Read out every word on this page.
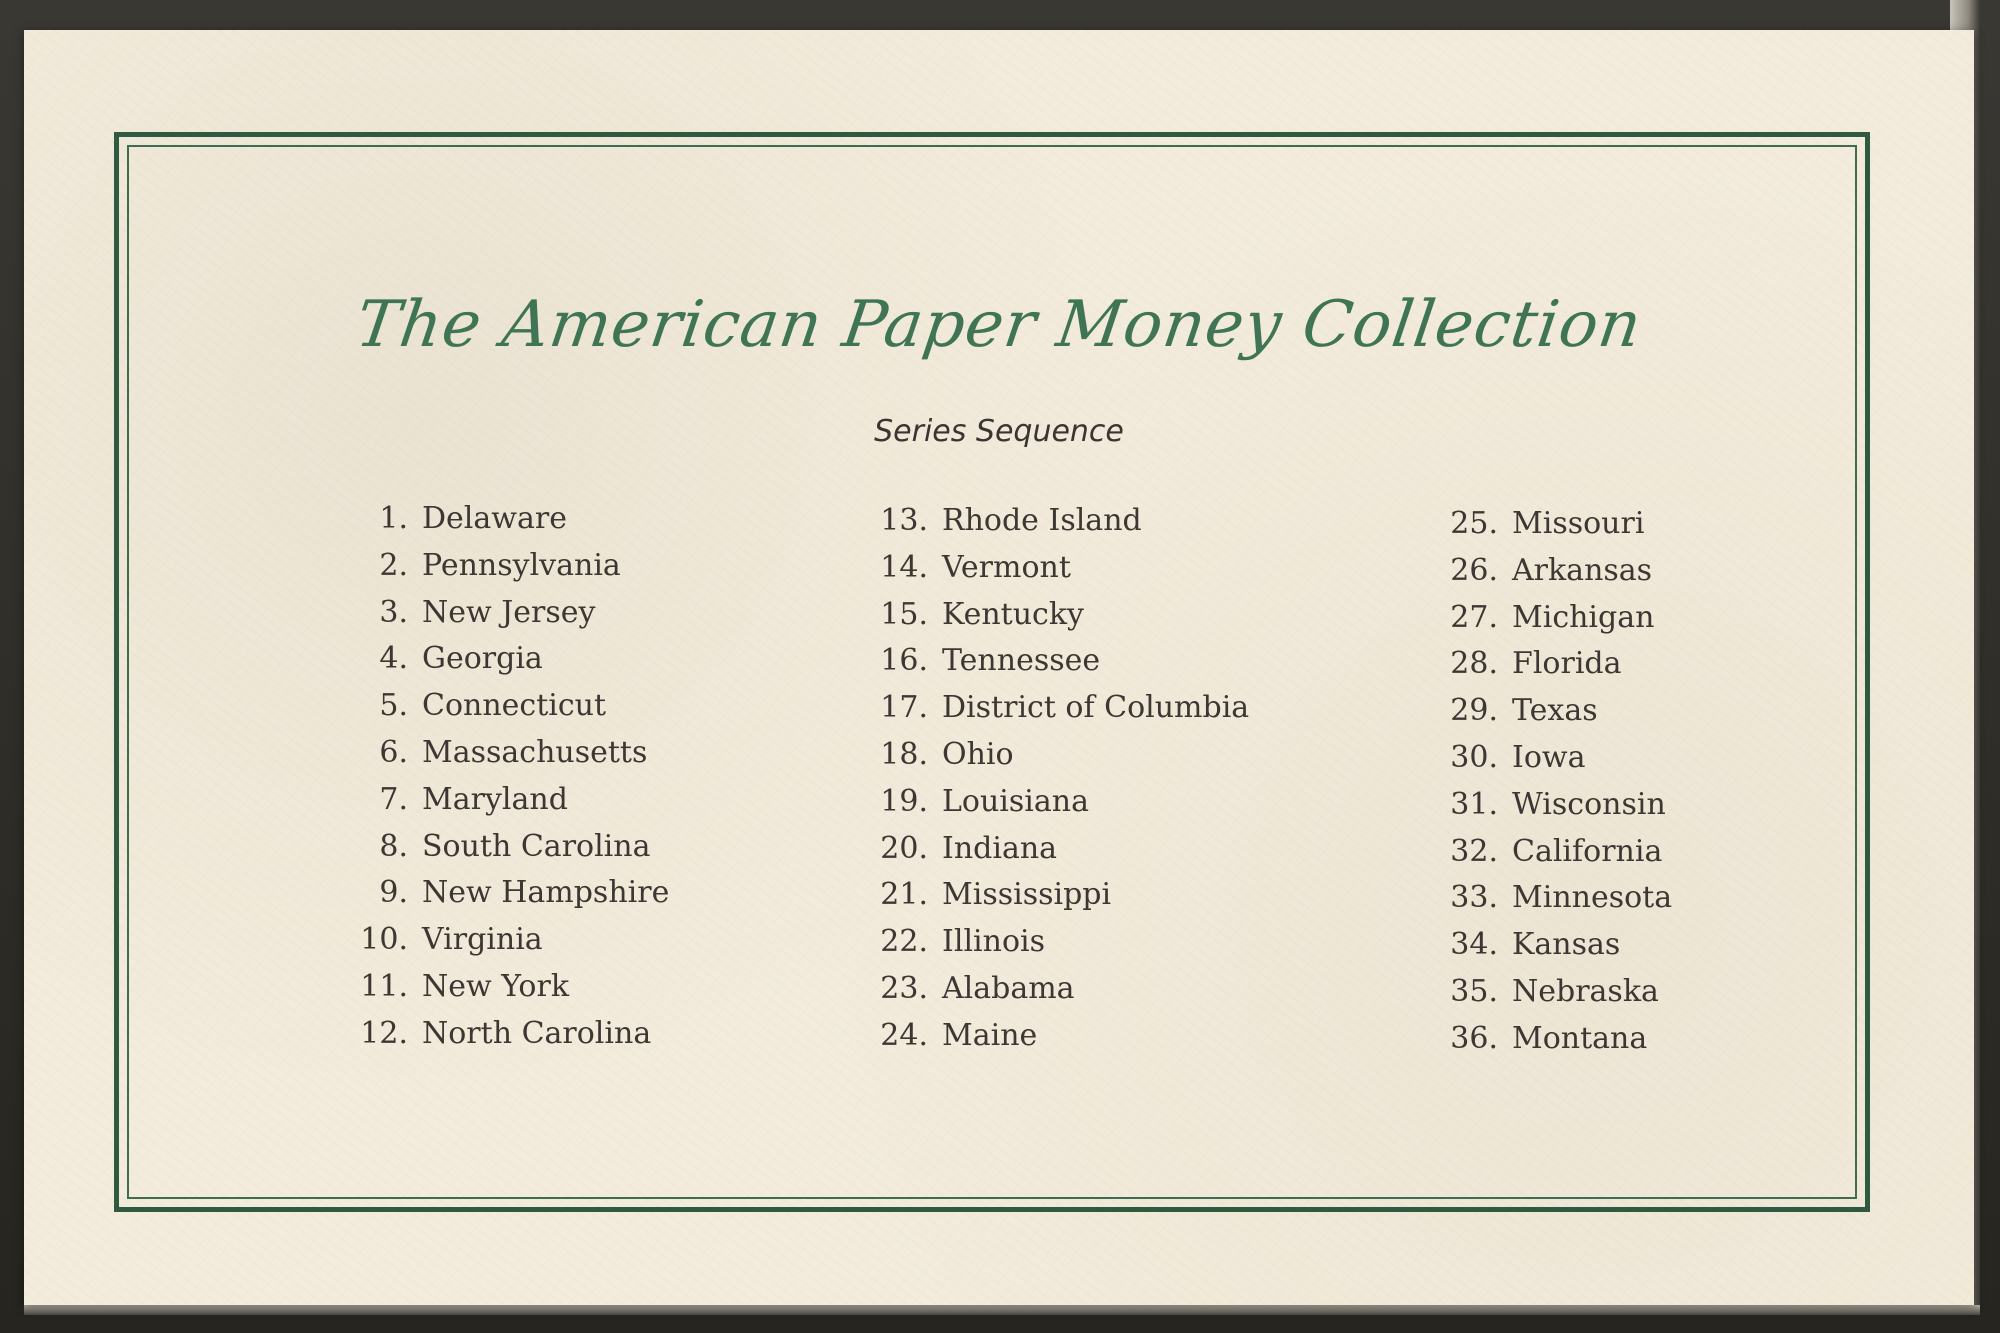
The American Paper Money Collection
Series Sequence
1. Delaware
2. Pennsylvania
3. New Jersey
4. Georgia
5. Connecticut
6. Massachusetts
7. Maryland
8. South Carolina
9. New Hampshire
10. Virginia
11. New York
12. North Carolina
13. Rhode Island
14. Vermont
15. Kentucky
16. Tennessee
17. District of Columbia
18. Ohio
19. Louisiana
20. Indiana
21. Mississippi
22. Illinois
23. Alabama
24. Maine
25. Missouri
26. Arkansas
27. Michigan
28. Florida
29. Texas
30. Iowa
31. Wisconsin
32. California
33. Minnesota
34. Kansas
35. Nebraska
36. Montana
